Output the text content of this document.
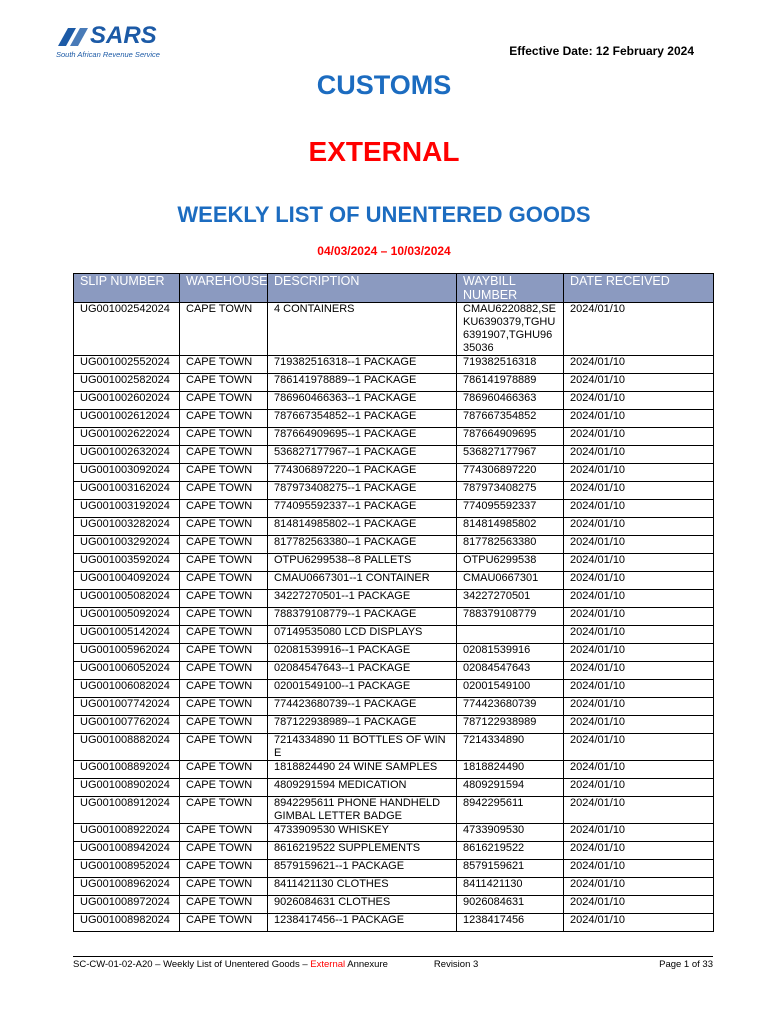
SARS
South African Revenue Service	Effective Date: 12 February 2024
CUSTOMS
EXTERNAL
WEEKLY LIST OF UNENTERED GOODS
04/03/2024 – 10/03/2024
SLIP NUMBER	WAREHOUSE	DESCRIPTION	WAYBILL NUMBER	DATE RECEIVED
UG001002542024	CAPE TOWN	4 CONTAINERS	CMAU6220882,SEKU6390379,TGHU6391907,TGHU9635036	2024/01/10
UG001002552024	CAPE TOWN	719382516318--1 PACKAGE	719382516318	2024/01/10
UG001002582024	CAPE TOWN	786141978889--1 PACKAGE	786141978889	2024/01/10
UG001002602024	CAPE TOWN	786960466363--1 PACKAGE	786960466363	2024/01/10
UG001002612024	CAPE TOWN	787667354852--1 PACKAGE	787667354852	2024/01/10
UG001002622024	CAPE TOWN	787664909695--1 PACKAGE	787664909695	2024/01/10
UG001002632024	CAPE TOWN	536827177967--1 PACKAGE	536827177967	2024/01/10
UG001003092024	CAPE TOWN	774306897220--1 PACKAGE	774306897220	2024/01/10
UG001003162024	CAPE TOWN	787973408275--1 PACKAGE	787973408275	2024/01/10
UG001003192024	CAPE TOWN	774095592337--1 PACKAGE	774095592337	2024/01/10
UG001003282024	CAPE TOWN	814814985802--1 PACKAGE	814814985802	2024/01/10
UG001003292024	CAPE TOWN	817782563380--1 PACKAGE	817782563380	2024/01/10
UG001003592024	CAPE TOWN	OTPU6299538--8 PALLETS	OTPU6299538	2024/01/10
UG001004092024	CAPE TOWN	CMAU0667301--1 CONTAINER	CMAU0667301	2024/01/10
UG001005082024	CAPE TOWN	34227270501--1 PACKAGE	34227270501	2024/01/10
UG001005092024	CAPE TOWN	788379108779--1 PACKAGE	788379108779	2024/01/10
UG001005142024	CAPE TOWN	07149535080 LCD DISPLAYS		2024/01/10
UG001005962024	CAPE TOWN	02081539916--1 PACKAGE	02081539916	2024/01/10
UG001006052024	CAPE TOWN	02084547643--1 PACKAGE	02084547643	2024/01/10
UG001006082024	CAPE TOWN	02001549100--1 PACKAGE	02001549100	2024/01/10
UG001007742024	CAPE TOWN	774423680739--1 PACKAGE	774423680739	2024/01/10
UG001007762024	CAPE TOWN	787122938989--1 PACKAGE	787122938989	2024/01/10
UG001008882024	CAPE TOWN	7214334890 11 BOTTLES OF WINE	7214334890	2024/01/10
UG001008892024	CAPE TOWN	1818824490 24 WINE SAMPLES	1818824490	2024/01/10
UG001008902024	CAPE TOWN	4809291594 MEDICATION	4809291594	2024/01/10
UG001008912024	CAPE TOWN	8942295611 PHONE HANDHELD GIMBAL LETTER BADGE	8942295611	2024/01/10
UG001008922024	CAPE TOWN	4733909530 WHISKEY	4733909530	2024/01/10
UG001008942024	CAPE TOWN	8616219522 SUPPLEMENTS	8616219522	2024/01/10
UG001008952024	CAPE TOWN	8579159621--1 PACKAGE	8579159621	2024/01/10
UG001008962024	CAPE TOWN	8411421130 CLOTHES	8411421130	2024/01/10
UG001008972024	CAPE TOWN	9026084631 CLOTHES	9026084631	2024/01/10
UG001008982024	CAPE TOWN	1238417456--1 PACKAGE	1238417456	2024/01/10
SC-CW-01-02-A20 – Weekly List of Unentered Goods – External Annexure	Revision 3	Page 1 of 33
